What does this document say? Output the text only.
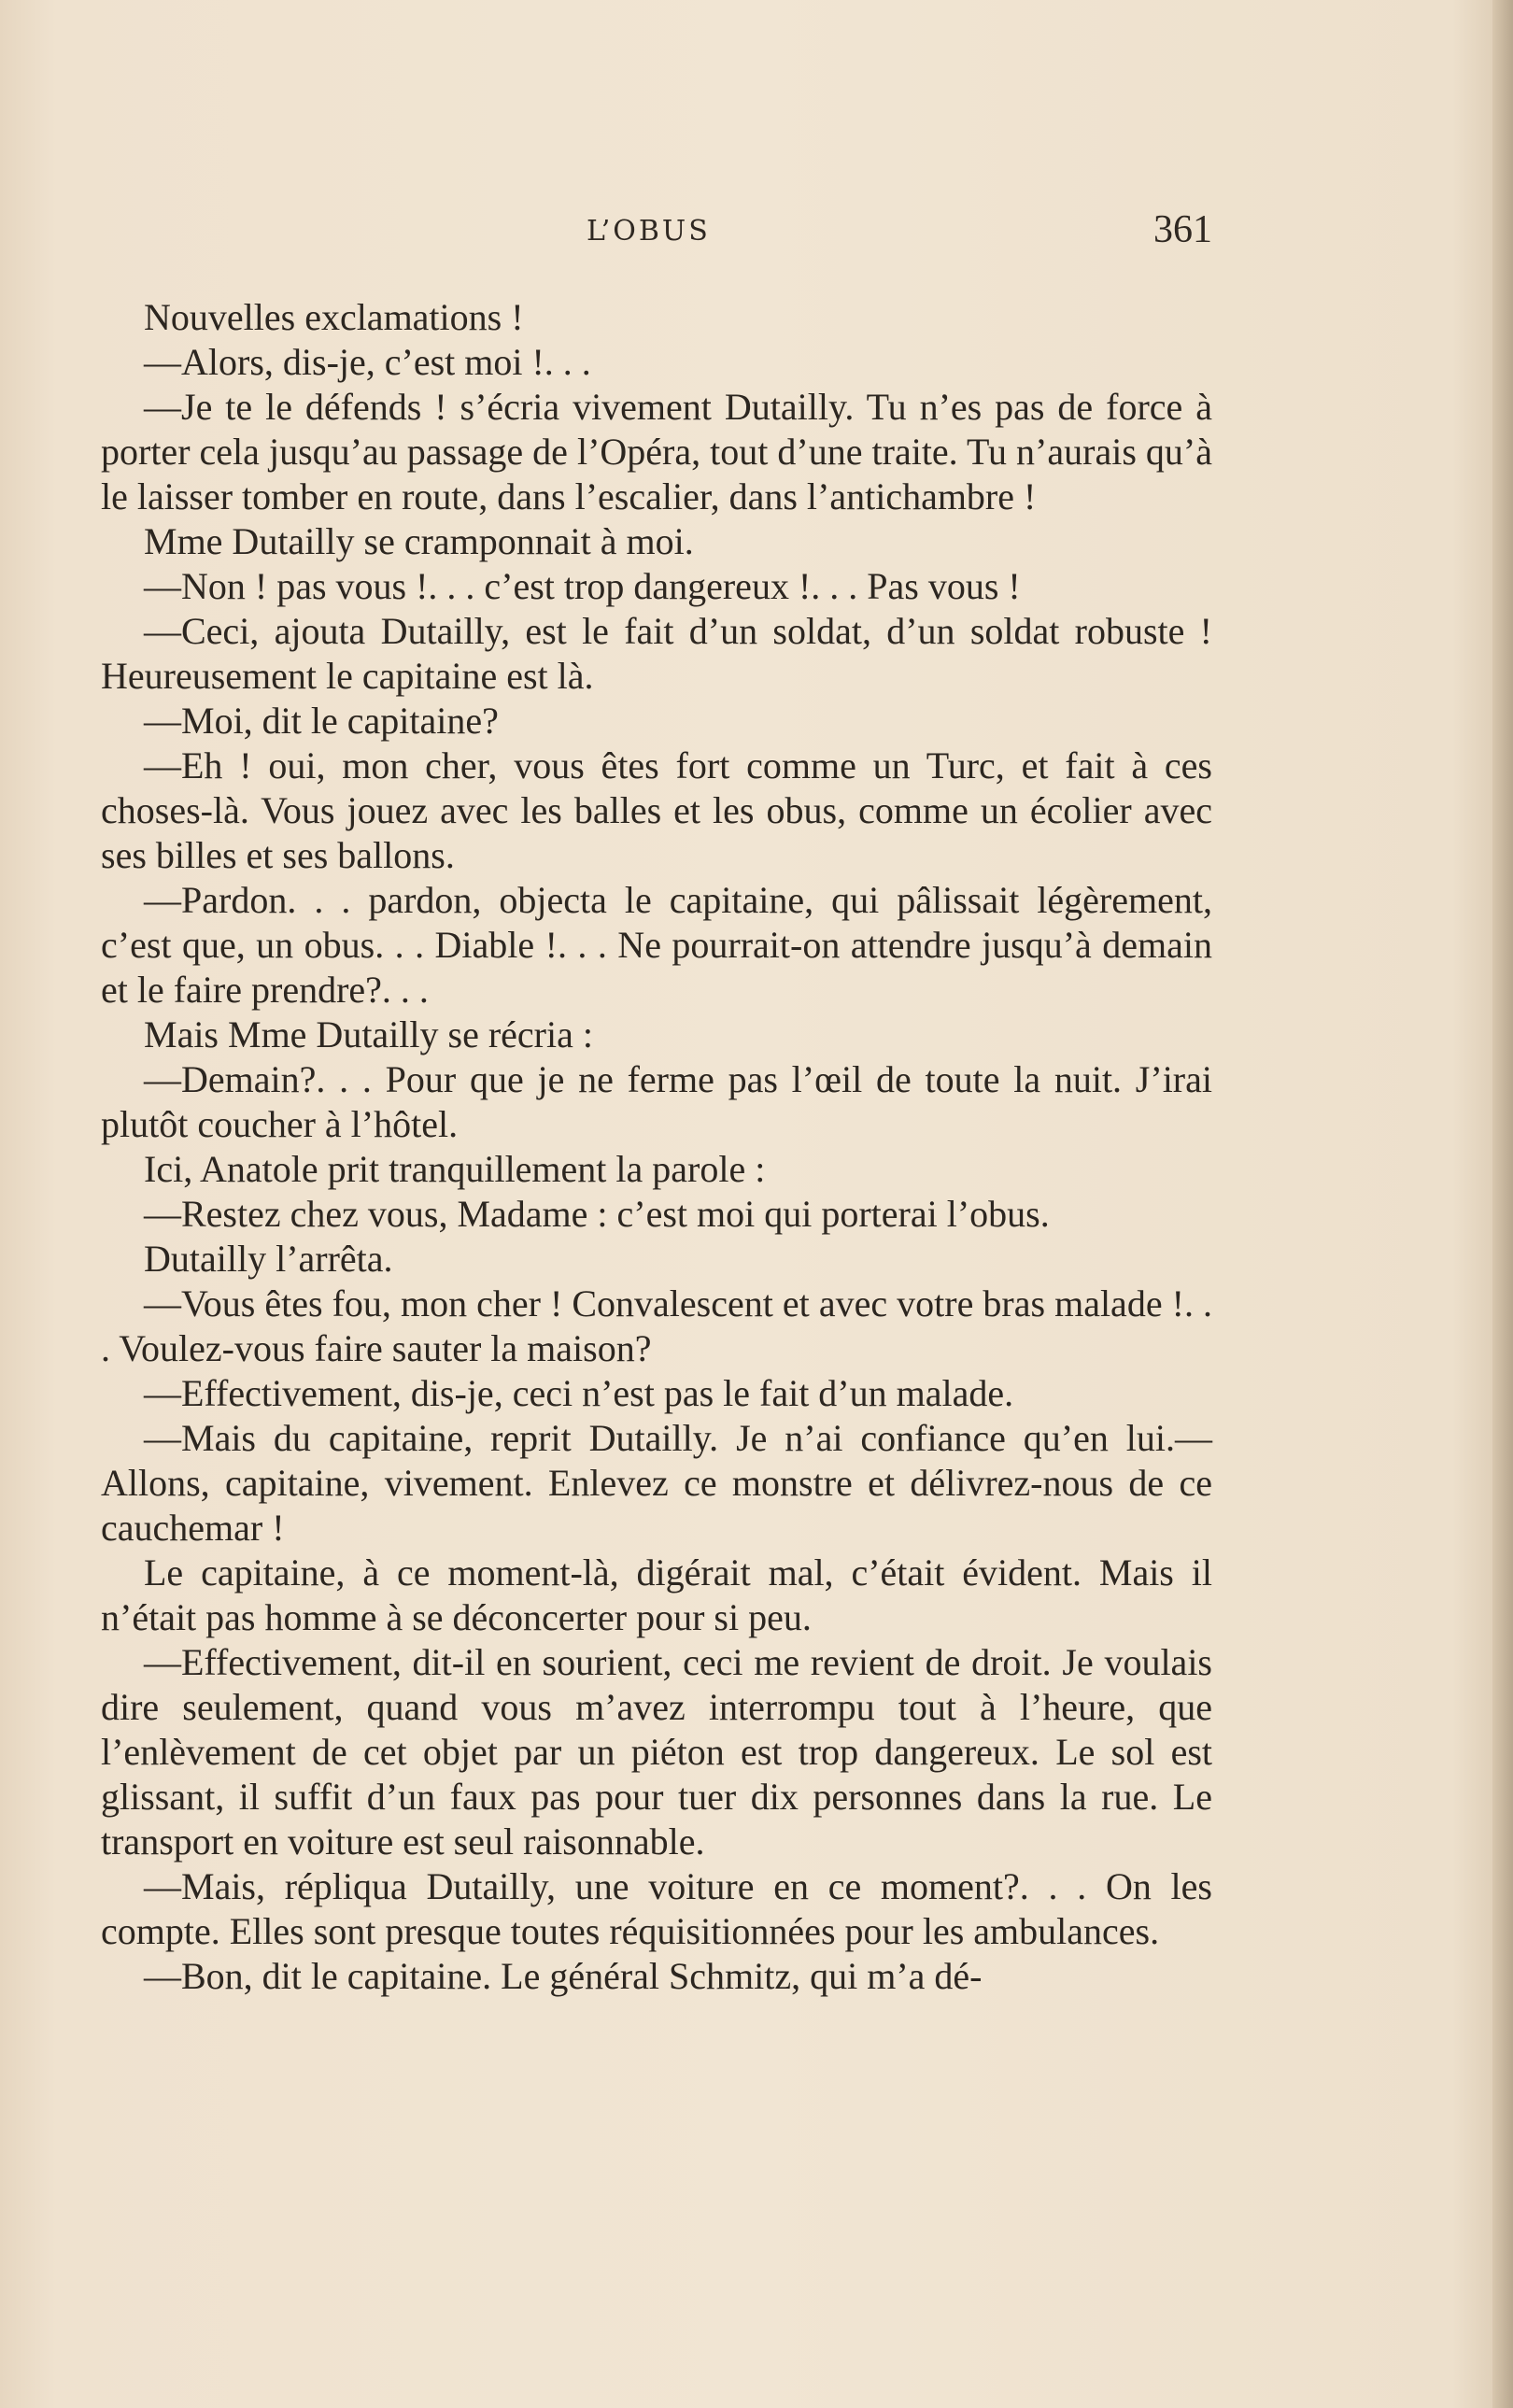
L’OBUS	361

Nouvelles exclamations !

—Alors, dis-je, c’est moi !. . .

—Je te le défends ! s’écria vivement Dutailly. Tu n’es pas de force à porter cela jusqu’au passage de l’Opéra, tout d’une traite. Tu n’aurais qu’à le laisser tomber en route, dans l’escalier, dans l’antichambre !

Mme Dutailly se cramponnait à moi.

—Non ! pas vous !. . . c’est trop dangereux !. . . Pas vous !

—Ceci, ajouta Dutailly, est le fait d’un soldat, d’un soldat robuste ! Heureusement le capitaine est là.

—Moi, dit le capitaine?

—Eh ! oui, mon cher, vous êtes fort comme un Turc, et fait à ces choses-là. Vous jouez avec les balles et les obus, comme un écolier avec ses billes et ses ballons.

—Pardon. . . pardon, objecta le capitaine, qui pâlissait légèrement, c’est que, un obus. . . Diable !. . . Ne pourrait-on attendre jusqu’à demain et le faire prendre?. . .

Mais Mme Dutailly se récria :

—Demain?. . . Pour que je ne ferme pas l’œil de toute la nuit. J’irai plutôt coucher à l’hôtel.

Ici, Anatole prit tranquillement la parole :

—Restez chez vous, Madame : c’est moi qui porterai l’obus.

Dutailly l’arrêta.

—Vous êtes fou, mon cher ! Convalescent et avec votre bras malade !. . . Voulez-vous faire sauter la maison?

—Effectivement, dis-je, ceci n’est pas le fait d’un malade.

—Mais du capitaine, reprit Dutailly. Je n’ai confiance qu’en lui.—Allons, capitaine, vivement. Enlevez ce monstre et délivrez-nous de ce cauchemar !

Le capitaine, à ce moment-là, digérait mal, c’était évident. Mais il n’était pas homme à se déconcerter pour si peu.

—Effectivement, dit-il en sourient, ceci me revient de droit. Je voulais dire seulement, quand vous m’avez interrompu tout à l’heure, que l’enlèvement de cet objet par un piéton est trop dangereux. Le sol est glissant, il suffit d’un faux pas pour tuer dix personnes dans la rue. Le transport en voiture est seul raisonnable.

—Mais, répliqua Dutailly, une voiture en ce moment?. . . On les compte. Elles sont presque toutes réquisitionnées pour les ambulances.

—Bon, dit le capitaine. Le général Schmitz, qui m’a dé-
